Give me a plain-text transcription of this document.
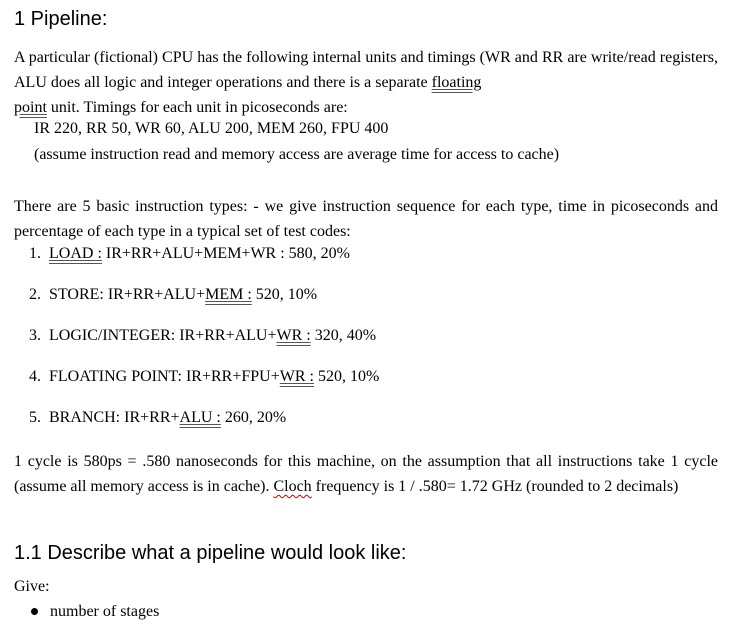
1 Pipeline:
A particular (fictional) CPU has the following internal units and timings (WR and RR are write/read registers, ALU does all logic and integer operations and there is a separate floating
point unit. Timings for each unit in picoseconds are:
IR 220, RR 50, WR 60, ALU 200, MEM 260, FPU 400
(assume instruction read and memory access are average time for access to cache)
There are 5 basic instruction types: - we give instruction sequence for each type, time in picoseconds and percentage of each type in a typical set of test codes:
1. LOAD : IR+RR+ALU+MEM+WR : 580, 20%
2. STORE: IR+RR+ALU+MEM : 520, 10%
3. LOGIC/INTEGER: IR+RR+ALU+WR : 320, 40%
4. FLOATING POINT: IR+RR+FPU+WR : 520, 10%
5. BRANCH: IR+RR+ALU : 260, 20%
1 cycle is 580ps = .580 nanoseconds for this machine, on the assumption that all instructions take 1 cycle (assume all memory access is in cache). Cloch frequency is 1 / .580= 1.72 GHz (rounded to 2 decimals)
1.1 Describe what a pipeline would look like:
Give:
number of stages
